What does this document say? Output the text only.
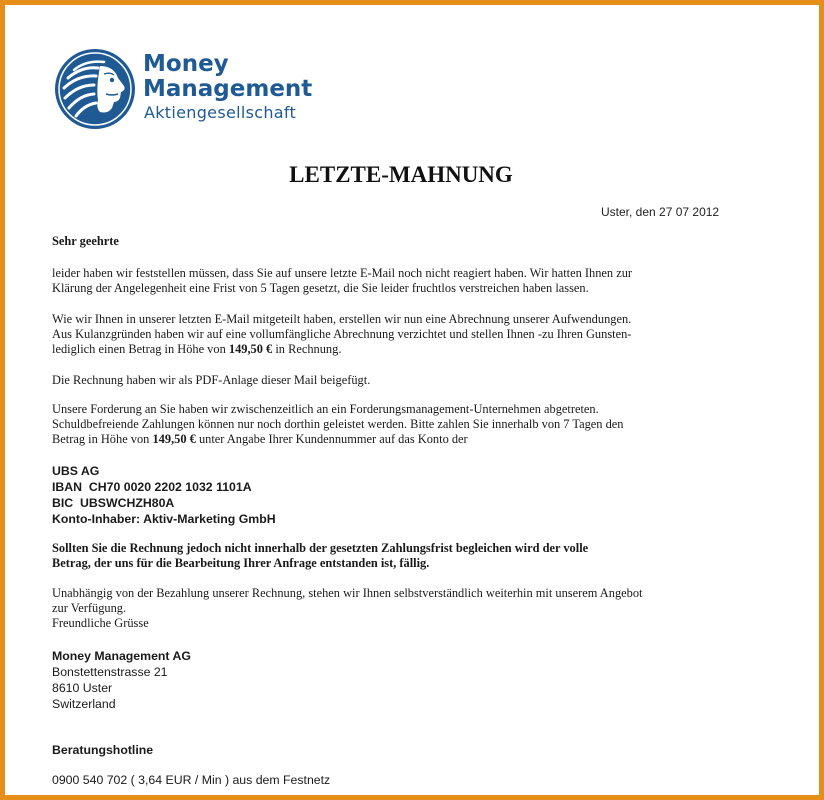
Money
Management
Aktiengesellschaft
LETZTE-MAHNUNG
Uster, den 27 07 2012
Sehr geehrte
leider haben wir feststellen müssen, dass Sie auf unsere letzte E-Mail noch nicht reagiert haben. Wir hatten Ihnen zur
Klärung der Angelegenheit eine Frist von 5 Tagen gesetzt, die Sie leider fruchtlos verstreichen haben lassen.
Wie wir Ihnen in unserer letzten E-Mail mitgeteilt haben, erstellen wir nun eine Abrechnung unserer Aufwendungen.
Aus Kulanzgründen haben wir auf eine vollumfängliche Abrechnung verzichtet und stellen Ihnen -zu Ihren Gunsten-
lediglich einen Betrag in Höhe von 149,50 € in Rechnung.
Die Rechnung haben wir als PDF-Anlage dieser Mail beigefügt.
Unsere Forderung an Sie haben wir zwischenzeitlich an ein Forderungsmanagement-Unternehmen abgetreten.
Schuldbefreiende Zahlungen können nur noch dorthin geleistet werden. Bitte zahlen Sie innerhalb von 7 Tagen den
Betrag in Höhe von 149,50 € unter Angabe Ihrer Kundennummer auf das Konto der
UBS AG
IBAN  CH70 0020 2202 1032 1101A
BIC  UBSWCHZH80A
Konto-Inhaber: Aktiv-Marketing GmbH
Sollten Sie die Rechnung jedoch nicht innerhalb der gesetzten Zahlungsfrist begleichen wird der volle
Betrag, der uns für die Bearbeitung Ihrer Anfrage entstanden ist, fällig.
Unabhängig von der Bezahlung unserer Rechnung, stehen wir Ihnen selbstverständlich weiterhin mit unserem Angebot
zur Verfügung.
Freundliche Grüsse
Money Management AG
Bonstettenstrasse 21
8610 Uster
Switzerland
Beratungshotline
0900 540 702 ( 3,64 EUR / Min ) aus dem Festnetz
